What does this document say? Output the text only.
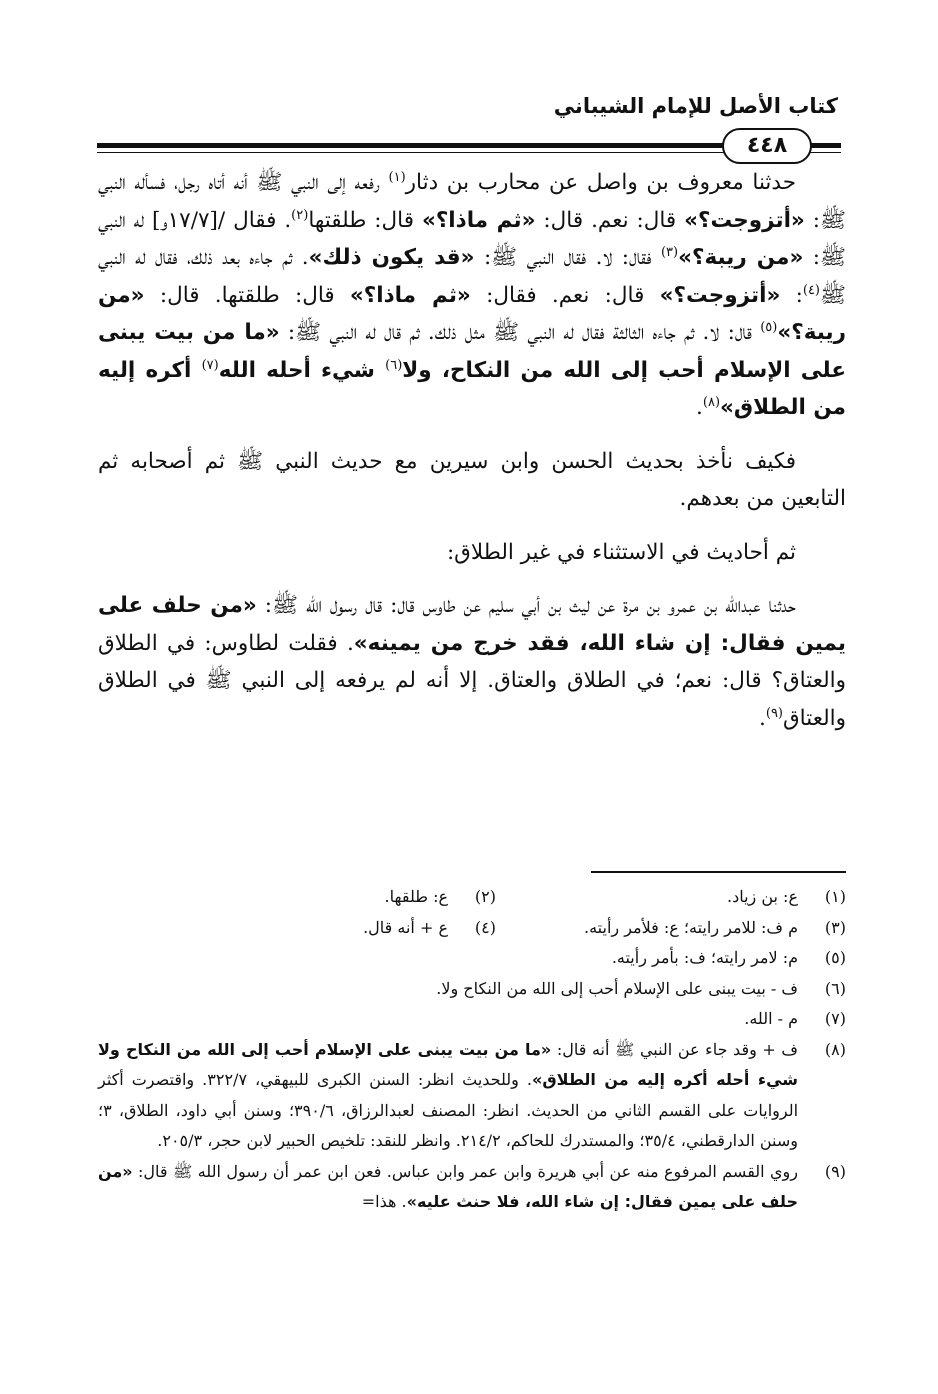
كتاب الأصل للإمام الشيباني
٤٤٨

حدثنا معروف بن واصل عن محارب بن دثار$^{(١)}$ رفعه إلى النبي ﷺ أنه أتاه رجل، فسأله النبي ﷺ: «أتزوجت؟» قال: نعم. قال: «ثم ماذا؟» قال: طلقتها$^{(٢)}$. فقال /[١٧/٧و] له النبي ﷺ: «من ريبة؟»$^{(٣)}$ فقال: لا. فقال النبي ﷺ: «قد يكون ذلك». ثم جاءه بعد ذلك، فقال له النبي ﷺ$^{(٤)}$: «أتزوجت؟» قال: نعم. فقال: «ثم ماذا؟» قال: طلقتها. قال: «من ريبة؟»$^{(٥)}$ قال: لا. ثم جاءه الثالثة فقال له النبي ﷺ مثل ذلك. ثم قال له النبي ﷺ: «ما من بيت يبنى على الإسلام أحب إلى الله من النكاح، ولا$^{(٦)}$ شيء أحله الله$^{(٧)}$ أكره إليه من الطلاق»$^{(٨)}$.

فكيف نأخذ بحديث الحسن وابن سيرين مع حديث النبي ﷺ ثم أصحابه ثم التابعين من بعدهم.

ثم أحاديث في الاستثناء في غير الطلاق:

حدثنا عبدالله بن عمرو بن مرة عن ليث بن أبي سليم عن طاوس قال: قال رسول الله ﷺ: «من حلف على يمين فقال: إن شاء الله، فقد خرج من يمينه». فقلت لطاوس: في الطلاق والعتاق؟ قال: نعم؛ في الطلاق والعتاق. إلا أنه لم يرفعه إلى النبي ﷺ في الطلاق والعتاق$^{(٩)}$.

(١)
ع: بن زياد.
(٢)
ع: طلقها.
(٣)
م ف: للامر رايته؛ ع: فلأمر رأيته.
(٤)
ع + أنه قال.
(٥)
م: لامر رايته؛ ف: بأمر رأيته.
(٦)
ف - بيت يبنى على الإسلام أحب إلى الله من النكاح ولا.
(٧)
م - الله.
(٨)
ف + وقد جاء عن النبي ﷺ أنه قال: «ما من بيت يبنى على الإسلام أحب إلى الله من النكاح ولا شيء أحله أكره إليه من الطلاق». وللحديث انظر: السنن الكبرى للبيهقي، ٣٢٢/٧. واقتصرت أكثر الروايات على القسم الثاني من الحديث. انظر: المصنف لعبدالرزاق، ٣٩٠/٦؛ وسنن أبي داود، الطلاق، ٣؛ وسنن الدارقطني، ٣٥/٤؛ والمستدرك للحاكم، ٢١٤/٢. وانظر للنقد: تلخيص الحبير لابن حجر، ٢٠٥/٣.
(٩)
روي القسم المرفوع منه عن أبي هريرة وابن عمر وابن عباس. فعن ابن عمر أن رسول الله ﷺ قال: «من حلف على يمين فقال: إن شاء الله، فلا حنث عليه». هذا=
